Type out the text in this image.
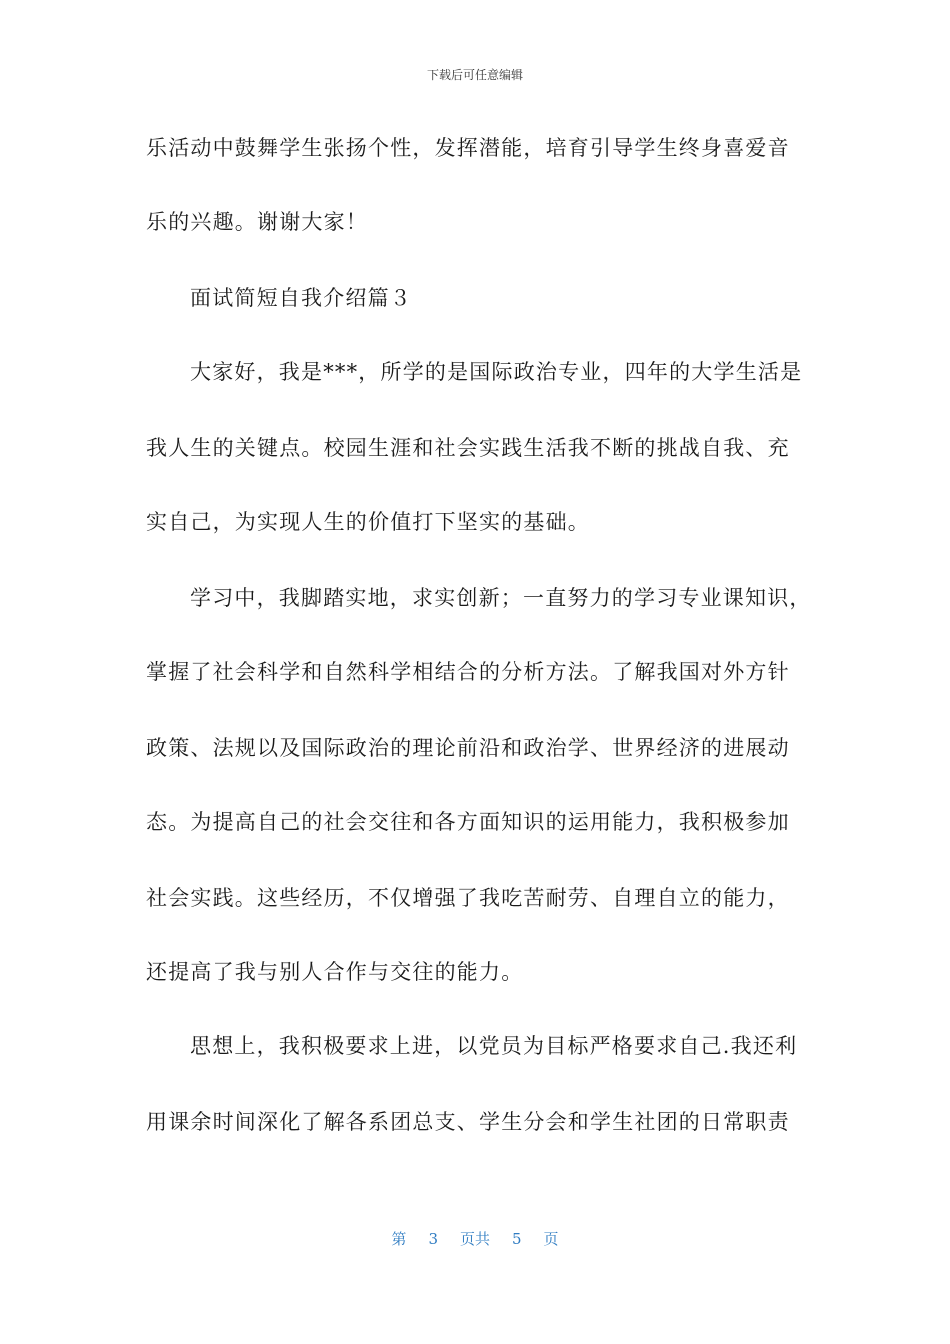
下载后可任意编辑
乐活动中鼓舞学生张扬个性，发挥潜能，培育引导学生终身喜爱音
乐的兴趣。谢谢大家！
面试简短自我介绍篇３
大家好，我是***，所学的是国际政治专业，四年的大学生活是
我人生的关键点。校园生涯和社会实践生活我不断的挑战自我、充
实自己，为实现人生的价值打下坚实的基础。
学习中，我脚踏实地，求实创新；一直努力的学习专业课知识，
掌握了社会科学和自然科学相结合的分析方法。了解我国对外方针
政策、法规以及国际政治的理论前沿和政治学、世界经济的进展动
态。为提高自己的社会交往和各方面知识的运用能力，我积极参加
社会实践。这些经历，不仅增强了我吃苦耐劳、自理自立的能力，
还提高了我与别人合作与交往的能力。
思想上，我积极要求上进，以党员为目标严格要求自己.我还利
用课余时间深化了解各系团总支、学生分会和学生社团的日常职责
第 3 页共 5 页
